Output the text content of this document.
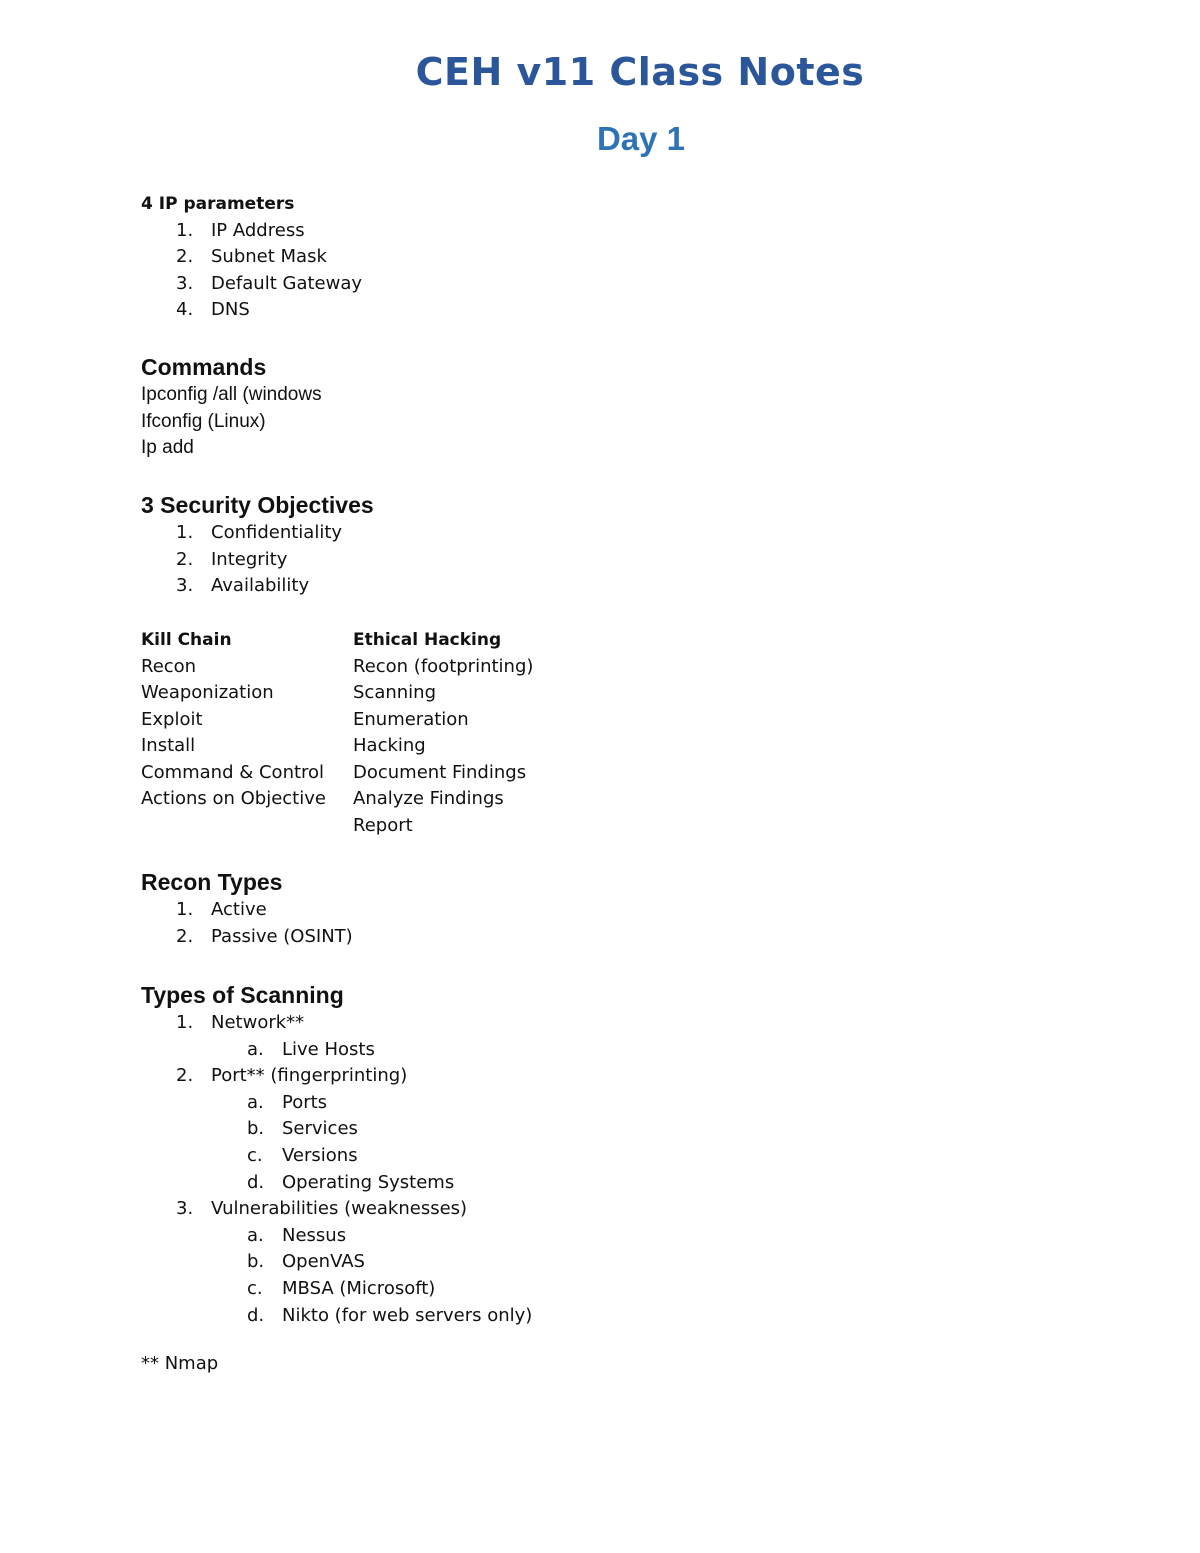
CEH v11 Class Notes
Day 1
4 IP parameters
1. IP Address
2. Subnet Mask
3. Default Gateway
4. DNS
Commands
Ipconfig /all (windows
Ifconfig (Linux)
Ip add
3 Security Objectives
1. Confidentiality
2. Integrity
3. Availability
Kill Chain
Recon
Weaponization
Exploit
Install
Command & Control
Actions on Objective
Ethical Hacking
Recon (footprinting)
Scanning
Enumeration
Hacking
Document Findings
Analyze Findings
Report
Recon Types
1. Active
2. Passive (OSINT)
Types of Scanning
1. Network**
a. Live Hosts
2. Port** (fingerprinting)
a. Ports
b. Services
c. Versions
d. Operating Systems
3. Vulnerabilities (weaknesses)
a. Nessus
b. OpenVAS
c. MBSA (Microsoft)
d. Nikto (for web servers only)
** Nmap
